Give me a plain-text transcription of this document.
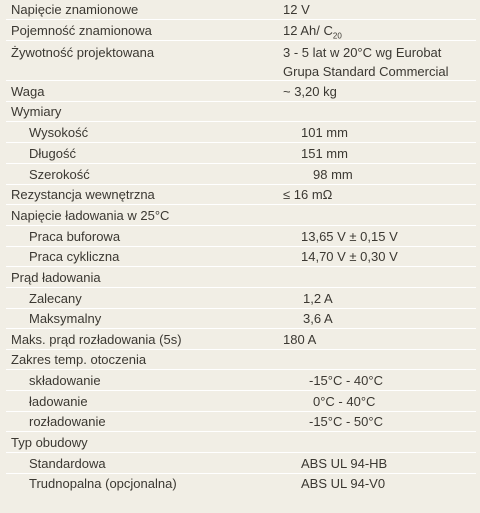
Napięcie znamionowe	12 V
Pojemność znamionowa	12 Ah/ $C_{20}$
Żywotność projektowana	3 - 5 lat w 20°C wg Eurobat
Grupa Standard Commercial
Waga	~ 3,20 kg
Wymiary
Wysokość	101 mm
Długość	151 mm
Szerokość	98 mm
Rezystancja wewnętrzna	≤ 16 mΩ
Napięcie ładowania w 25°C
Praca buforowa	13,65 V ± 0,15 V
Praca cykliczna	14,70 V ± 0,30 V
Prąd ładowania
Zalecany	1,2 A
Maksymalny	3,6 A
Maks. prąd rozładowania (5s)	180 A
Zakres temp. otoczenia
składowanie	-15°C - 40°C
ładowanie	0°C - 40°C
rozładowanie	-15°C - 50°C
Typ obudowy
Standardowa	ABS UL 94-HB
Trudnopalna (opcjonalna)	ABS UL 94-V0
